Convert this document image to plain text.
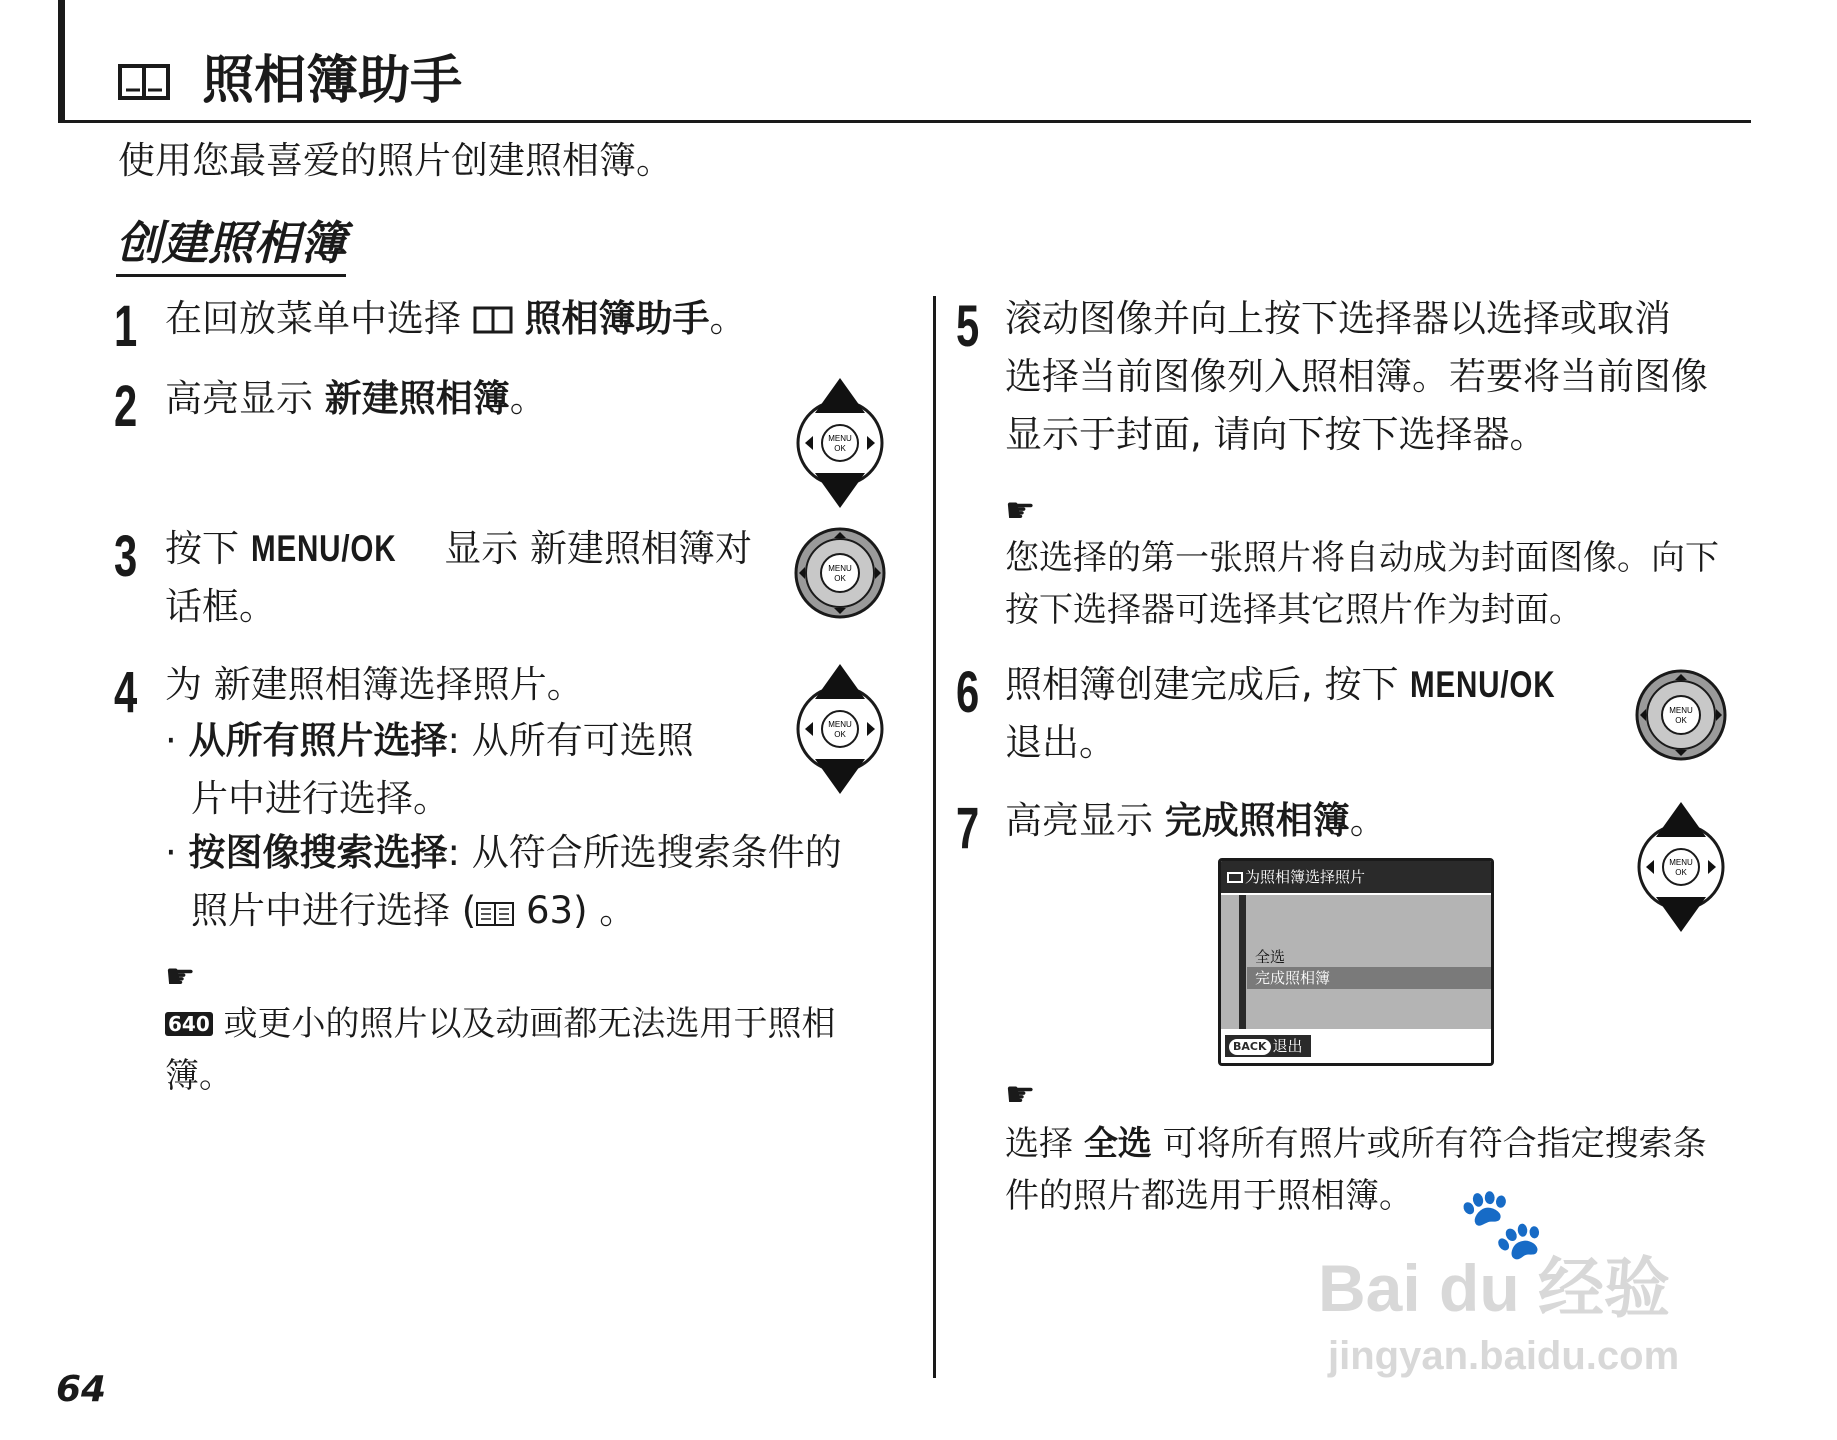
照相簿助手
使用您最喜爱的照片创建照相簿。
创建照相簿
1 在回放菜单中选择  照相簿助手。
2 高亮显示 新建照相簿。
3 按下 MENU/OK 显示 新建照相簿对
话框。
4 为 新建照相簿选择照片。
· 从所有照片选择: 从所有可选照
片中进行选择。
· 按图像搜索选择: 从符合所选搜索条件的
照片中进行选择 ( 63) 。
☛
640 或更小的照片以及动画都无法选用于照相
簿。
5 滚动图像并向上按下选择器以选择或取消
选择当前图像列入照相簿。若要将当前图像
显示于封面, 请向下按下选择器。
☛
您选择的第一张照片将自动成为封面图像。向下
按下选择器可选择其它照片作为封面。
6 照相簿创建完成后, 按下 MENU/OK
退出。
7 高亮显示 完成照相簿。
为照相簿选择照片
全选
完成照相簿
BACK 退出
☛
选择 全选 可将所有照片或所有符合指定搜索条
件的照片都选用于照相簿。
MENU
OK
MENU
OK
MENU
OK
MENU
OK
MENU
OK
64
🐾
Bai du 经验
jingyan.baidu.com
